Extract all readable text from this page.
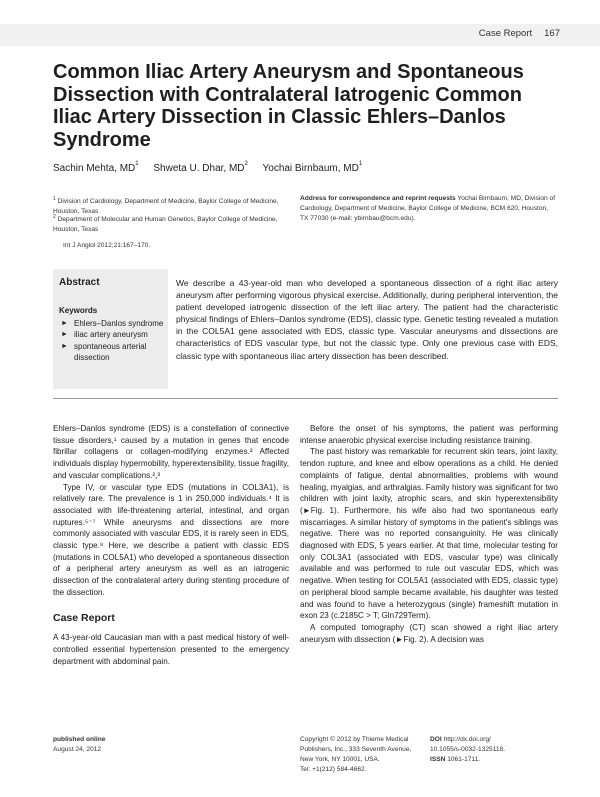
Case Report 167
Common Iliac Artery Aneurysm and Spontaneous Dissection with Contralateral Iatrogenic Common Iliac Artery Dissection in Classic Ehlers–Danlos Syndrome
Sachin Mehta, $MD^1$ Shweta U. Dhar, $MD^2$ Yochai Birnbaum, $MD^1$
$^1$ Division of Cardiology, Department of Medicine, Baylor College of Medicine, Houston, Texas
$^2$ Department of Molecular and Human Genetics, Baylor College of Medicine, Houston, Texas
Address for correspondence and reprint requests Yochai Birnbaum, MD, Division of Cardiology, Department of Medicine, Baylor College of Medicine, BCM 620, Houston, TX 77030 (e-mail: ybirnbau@bcm.edu).
Int J Angiol 2012;21:167–170.
Abstract
Keywords
► Ehlers–Danlos syndrome
► iliac artery aneurysm
► spontaneous arterial dissection

We describe a 43-year-old man who developed a spontaneous dissection of a right iliac artery aneurysm after performing vigorous physical exercise. Additionally, during peripheral intervention, the patient developed iatrogenic dissection of the left iliac artery. The patient had the characteristic physical findings of Ehlers–Danlos syndrome (EDS), classic type. Genetic testing revealed a mutation in the COL5A1 gene associated with EDS, classic type. Vascular aneurysms and dissections are characteristics of EDS vascular type, but not the classic type. Only one previous case with EDS, classic type with spontaneous iliac artery dissection has been described.

Ehlers–Danlos syndrome (EDS) is a constellation of connective tissue disorders,¹ caused by a mutation in genes that encode fibrillar collagens or collagen-modifying enzymes.² Affected individuals display hypermobility, hyperextensibility, tissue fragility, and vascular complications.²,³

Type IV, or vascular type EDS (mutations in COL3A1), is relatively rare. The prevalence is 1 in 250,000 individuals.⁴ It is associated with life-threatening arterial, intestinal, and organ ruptures.⁵⁻⁷ While aneurysms and dissections are more commonly associated with vascular EDS, it is rarely seen in EDS, classic type.⁸ Here, we describe a patient with classic EDS (mutations in COL5A1) who developed a spontaneous dissection of a peripheral artery aneurysm as well as an iatrogenic dissection of the contralateral artery during stenting procedure of the dissection.

Case Report

A 43-year-old Caucasian man with a past medical history of well-controlled essential hypertension presented to the emergency department with abdominal pain.

Before the onset of his symptoms, the patient was performing intense anaerobic physical exercise including resistance training.

The past history was remarkable for recurrent skin tears, joint laxity, tendon rupture, and knee and elbow operations as a child. He denied complaints of fatigue, dental abnormalities, problems with wound healing, myalgias, and arthralgias. Family history was significant for two children with joint laxity, atrophic scars, and skin hyperextensibility (►Fig. 1). Furthermore, his wife also had two spontaneous early miscarriages. A similar history of symptoms in the patient's siblings was negative. There was no reported consanguinity. He was clinically diagnosed with EDS, 5 years earlier. At that time, molecular testing for only COL3A1 (associated with EDS, vascular type) was clinically available and was performed to rule out vascular EDS, which was negative. When testing for COL5A1 (associated with EDS, classic type) on peripheral blood sample became available, his daughter was tested and was found to have a heterozygous (single) frameshift mutation in exon 23 (c.2185C > T; Gln729Term).

A computed tomography (CT) scan showed a right iliac artery aneurysm with dissection (►Fig. 2). A decision was

published online
August 24, 2012
Copyright © 2012 by Thieme Medical
Publishers, Inc., 333 Seventh Avenue,
New York, NY 10001, USA.
Tel: +1(212) 584-4662.
DOI http://dx.doi.org/
10.1055/s-0032-1325118.
ISSN 1061-1711.
